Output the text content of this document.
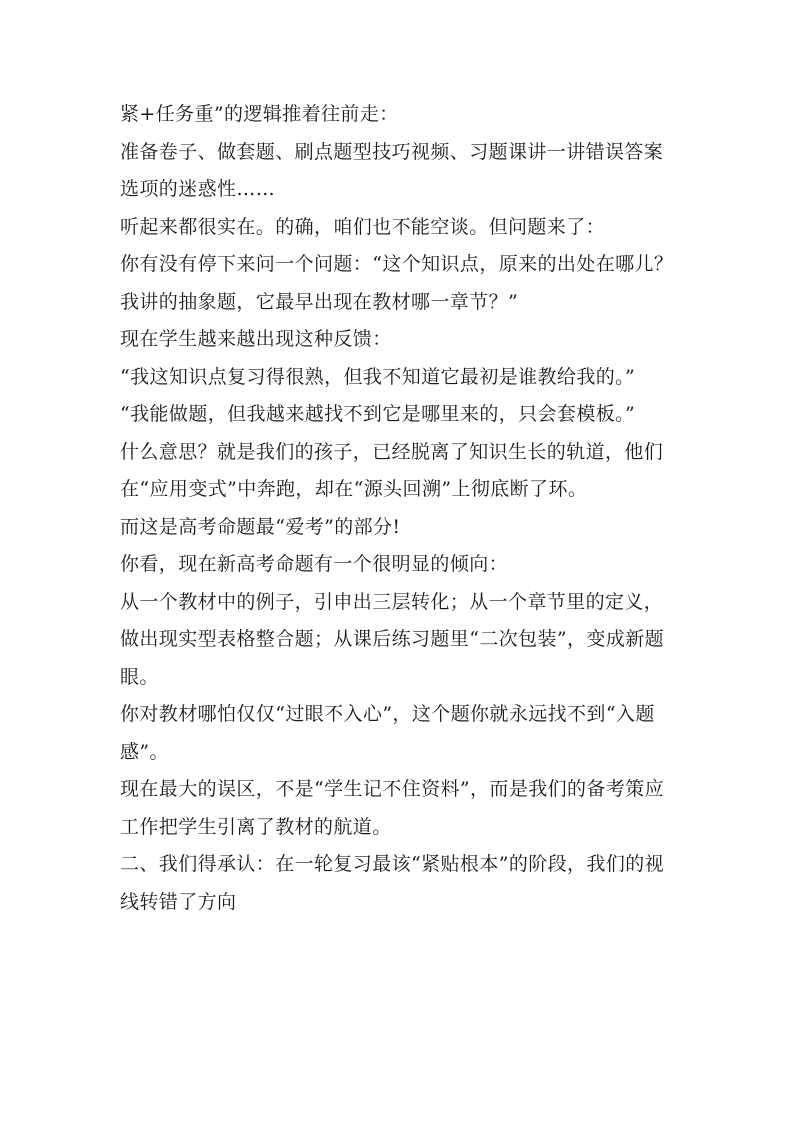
紧+任务重”的逻辑推着往前走：

准备卷子、做套题、刷点题型技巧视频、习题课讲一讲错误答案选项的迷惑性……

听起来都很实在。的确，咱们也不能空谈。但问题来了：

你有没有停下来问一个问题：“这个知识点，原来的出处在哪儿？我讲的抽象题，它最早出现在教材哪一章节？”

现在学生越来越出现这种反馈：

“我这知识点复习得很熟，但我不知道它最初是谁教给我的。”

“我能做题，但我越来越找不到它是哪里来的，只会套模板。”

什么意思？就是我们的孩子，已经脱离了知识生长的轨道，他们在“应用变式”中奔跑，却在“源头回溯”上彻底断了环。

而这是高考命题最“爱考”的部分!

你看，现在新高考命题有一个很明显的倾向：

从一个教材中的例子，引申出三层转化；从一个章节里的定义，做出现实型表格整合题；从课后练习题里“二次包装”，变成新题眼。

你对教材哪怕仅仅“过眼不入心”，这个题你就永远找不到“入题感”。

现在最大的误区，不是“学生记不住资料”，而是我们的备考策应工作把学生引离了教材的航道。

二、我们得承认：在一轮复习最该“紧贴根本”的阶段，我们的视线转错了方向
